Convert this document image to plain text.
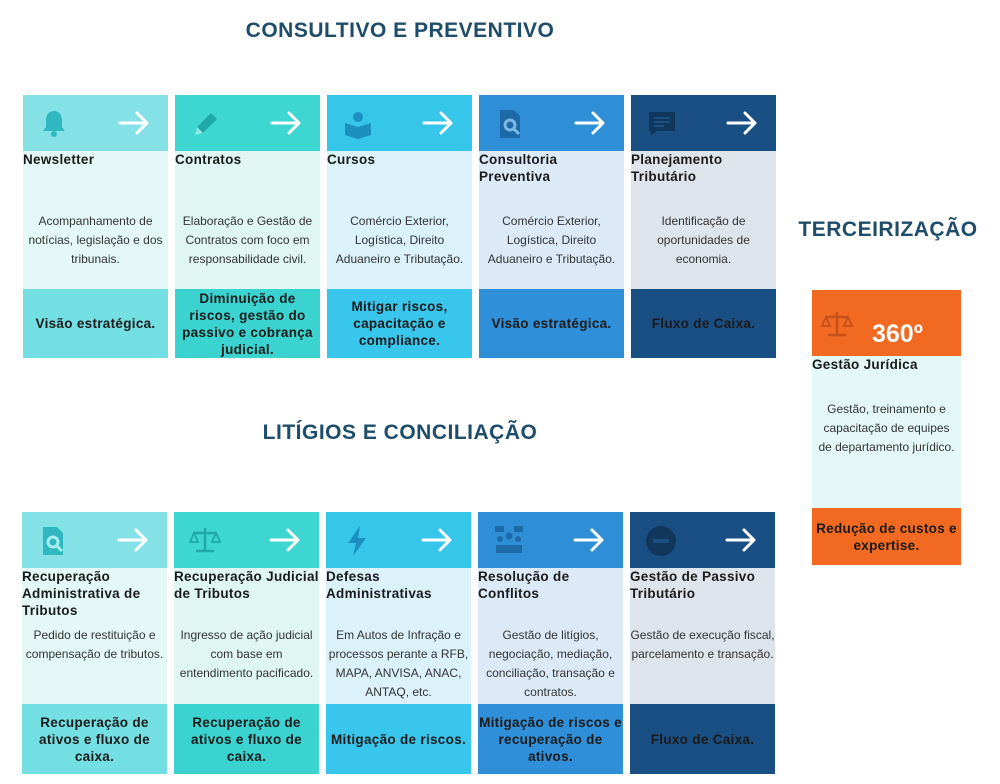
CONSULTIVO E PREVENTIVO
LITÍGIOS E CONCILIAÇÃO
TERCEIRIZAÇÃO
Newsletter
Acompanhamento de notícias, legislação e dos tribunais.
Visão estratégica.
Contratos
Elaboração e Gestão de Contratos com foco em responsabilidade civil.
Diminuição de riscos, gestão do passivo e cobrança judicial.
Cursos
Comércio Exterior, Logística, Direito Aduaneiro e Tributação.
Mitigar riscos, capacitação e compliance.
Consultoria Preventiva
Comércio Exterior, Logística, Direito Aduaneiro e Tributação.
Visão estratégica.
Planejamento Tributário
Identificação de oportunidades de economia.
Fluxo de Caixa.
Recuperação Administrativa de Tributos
Pedido de restituição e compensação de tributos.
Recuperação de ativos e fluxo de caixa.
Recuperação Judicial de Tributos
Ingresso de ação judicial com base em entendimento pacificado.
Recuperação de ativos e fluxo de caixa.
Defesas Administrativas
Em Autos de Infração e processos perante a RFB, MAPA, ANVISA, ANAC, ANTAQ, etc.
Mitigação de riscos.
Resolução de Conflitos
Gestão de litígios, negociação, mediação, conciliação, transação e contratos.
Mitigação de riscos e recuperação de ativos.
Gestão de Passivo Tributário
Gestão de execução fiscal, parcelamento e transação.
Fluxo de Caixa.
360º
Gestão Jurídica
Gestão, treinamento e capacitação de equipes de departamento jurídico.
Redução de custos e expertise.
